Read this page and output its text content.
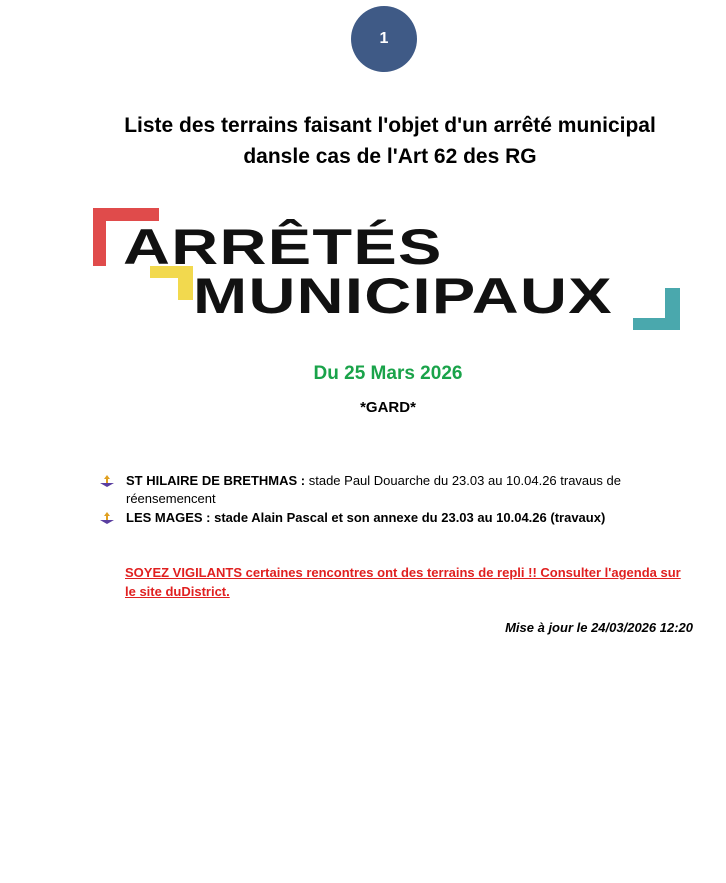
1
Liste des terrains faisant l'objet d'un arrêté municipal
dansle cas de l'Art 62 des RG
ARRÊTÉS
MUNICIPAUX
Du 25 Mars 2026
*GARD*
ST HILAIRE DE BRETHMAS : stade Paul Douarche du 23.03 au 10.04.26 travaus de réensemencent
LES MAGES : stade Alain Pascal et son annexe du 23.03 au 10.04.26 (travaux)
SOYEZ VIGILANTS certaines rencontres ont des terrains de repli !! Consulter l'agenda sur le site duDistrict.
Mise à jour le 24/03/2026 12:20
